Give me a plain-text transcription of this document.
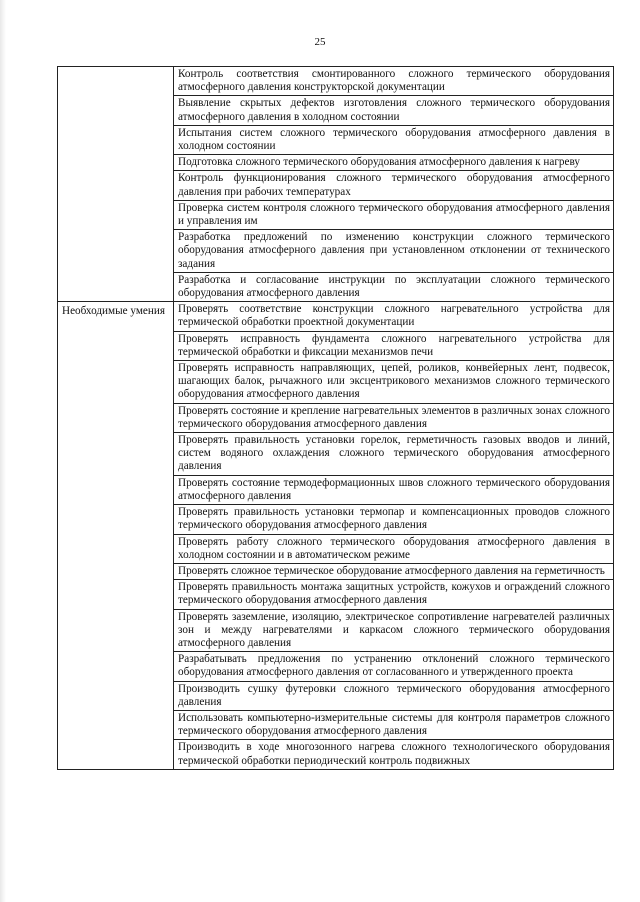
25
	Контроль соответствия смонтированного сложного термического оборудования атмосферного давления конструкторской документации
	Выявление скрытых дефектов изготовления сложного термического оборудования атмосферного давления в холодном состоянии
	Испытания систем сложного термического оборудования атмосферного давления в холодном состоянии
	Подготовка сложного термического оборудования атмосферного давления к нагреву
	Контроль функционирования сложного термического оборудования атмосферного давления при рабочих температурах
	Проверка систем контроля сложного термического оборудования атмосферного давления и управления им
	Разработка предложений по изменению конструкции сложного термического оборудования атмосферного давления при установленном отклонении от технического задания
	Разработка и согласование инструкции по эксплуатации сложного термического оборудования атмосферного давления
Необходимые умения	Проверять соответствие конструкции сложного нагревательного устройства для термической обработки проектной документации
	Проверять исправность фундамента сложного нагревательного устройства для термической обработки и фиксации механизмов печи
	Проверять исправность направляющих, цепей, роликов, конвейерных лент, подвесок, шагающих балок, рычажного или эксцентрикового механизмов сложного термического оборудования атмосферного давления
	Проверять состояние и крепление нагревательных элементов в различных зонах сложного термического оборудования атмосферного давления
	Проверять правильность установки горелок, герметичность газовых вводов и линий, систем водяного охлаждения сложного термического оборудования атмосферного давления
	Проверять состояние термодеформационных швов сложного термического оборудования атмосферного давления
	Проверять правильность установки термопар и компенсационных проводов сложного термического оборудования атмосферного давления
	Проверять работу сложного термического оборудования атмосферного давления в холодном состоянии и в автоматическом режиме
	Проверять сложное термическое оборудование атмосферного давления на герметичность
	Проверять правильность монтажа защитных устройств, кожухов и ограждений сложного термического оборудования атмосферного давления
	Проверять заземление, изоляцию, электрическое сопротивление нагревателей различных зон и между нагревателями и каркасом сложного термического оборудования атмосферного давления
	Разрабатывать предложения по устранению отклонений сложного термического оборудования атмосферного давления от согласованного и утвержденного проекта
	Производить сушку футеровки сложного термического оборудования атмосферного давления
	Использовать компьютерно-измерительные системы для контроля параметров сложного термического оборудования атмосферного давления
	Производить в ходе многозонного нагрева сложного технологического оборудования термической обработки периодический контроль подвижных
